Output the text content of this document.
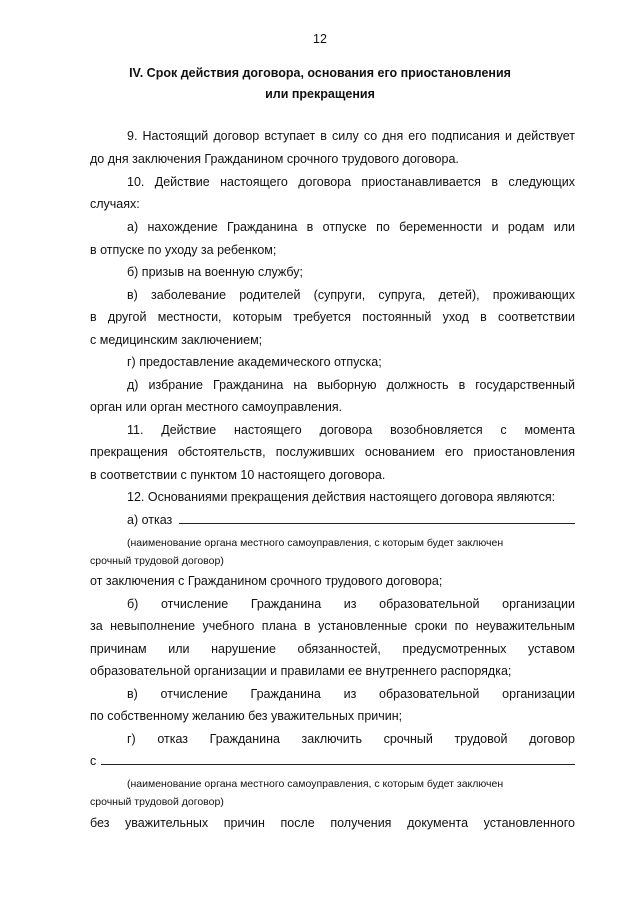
12
IV. Срок действия договора, основания его приостановления
или прекращения
9. Настоящий договор вступает в силу со дня его подписания и действует
до дня заключения Гражданином срочного трудового договора.
10. Действие настоящего договора приостанавливается в следующих
случаях:
а) нахождение Гражданина в отпуске по беременности и родам или
в отпуске по уходу за ребенком;
б) призыв на военную службу;
в) заболевание родителей (супруги, супруга, детей), проживающих
в другой местности, которым требуется постоянный уход в соответствии
с медицинским заключением;
г) предоставление академического отпуска;
д) избрание Гражданина на выборную должность в государственный
орган или орган местного самоуправления.
11. Действие настоящего договора возобновляется с момента
прекращения обстоятельств, послуживших основанием его приостановления
в соответствии с пунктом 10 настоящего договора.
12. Основаниями прекращения действия настоящего договора являются:
а) отказ
(наименование органа местного самоуправления, с которым будет заключен
срочный трудовой договор)
от заключения с Гражданином срочного трудового договора;
б) отчисление Гражданина из образовательной организации
за невыполнение учебного плана в установленные сроки по неуважительным
причинам или нарушение обязанностей, предусмотренных уставом
образовательной организации и правилами ее внутреннего распорядка;
в) отчисление Гражданина из образовательной организации
по собственному желанию без уважительных причин;
г) отказ Гражданина заключить срочный трудовой договор
с
(наименование органа местного самоуправления, с которым будет заключен
срочный трудовой договор)
без уважительных причин после получения документа установленного
